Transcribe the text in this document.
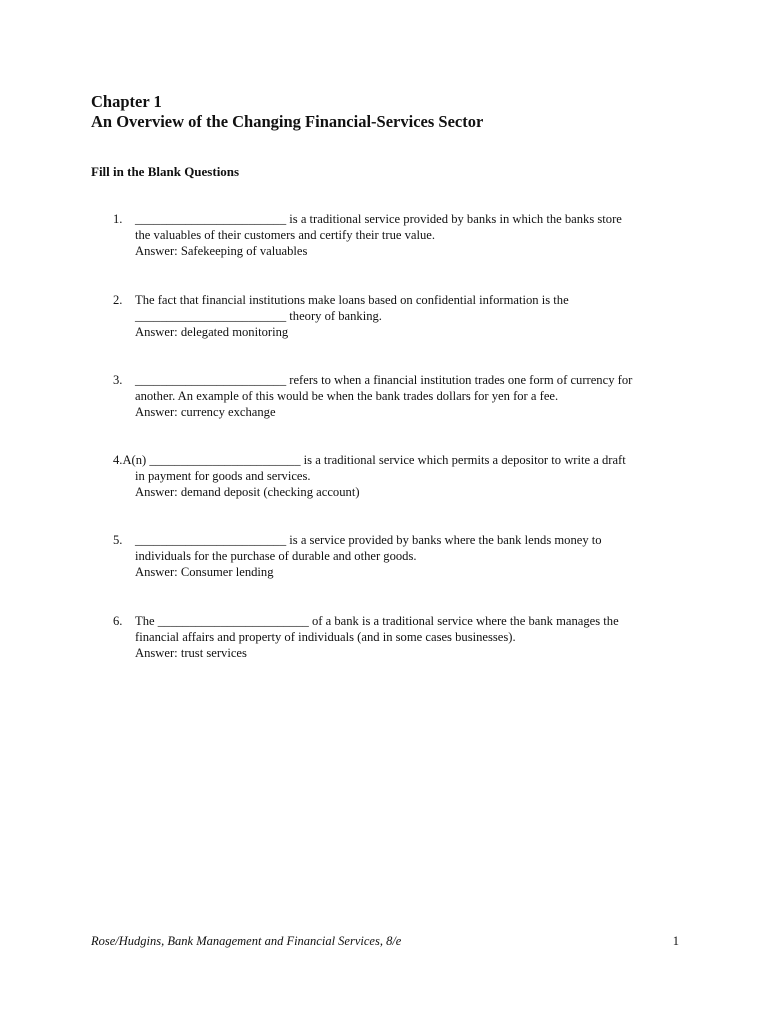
Chapter 1
An Overview of the Changing Financial-Services Sector
Fill in the Blank Questions
1. ________________________ is a traditional service provided by banks in which the banks store
the valuables of their customers and certify their true value.
Answer: Safekeeping of valuables
2. The fact that financial institutions make loans based on confidential information is the
________________________ theory of banking.
Answer: delegated monitoring
3. ________________________ refers to when a financial institution trades one form of currency for
another. An example of this would be when the bank trades dollars for yen for a fee.
Answer: currency exchange
4.A(n) ________________________ is a traditional service which permits a depositor to write a draft
in payment for goods and services.
Answer: demand deposit (checking account)
5. ________________________ is a service provided by banks where the bank lends money to
individuals for the purchase of durable and other goods.
Answer: Consumer lending
6. The ________________________ of a bank is a traditional service where the bank manages the
financial affairs and property of individuals (and in some cases businesses).
Answer: trust services
Rose/Hudgins, Bank Management and Financial Services, 8/e	1
